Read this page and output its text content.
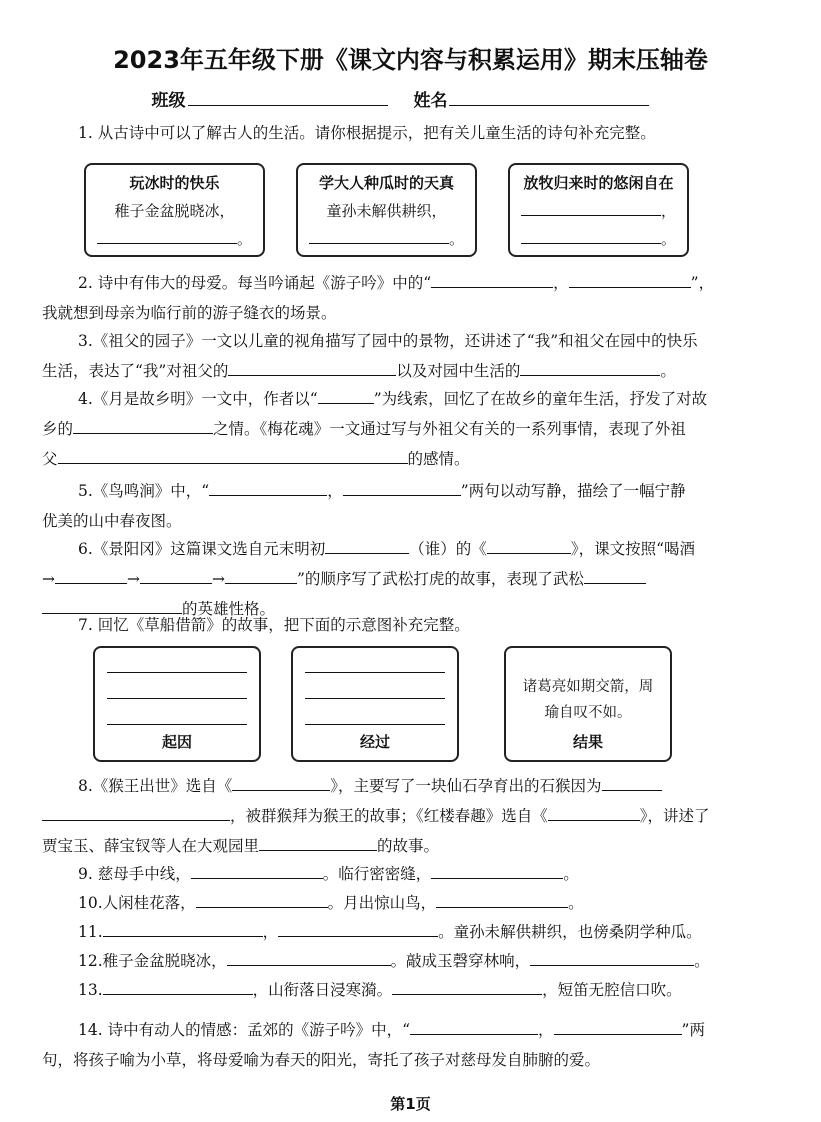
2023年五年级下册《课文内容与积累运用》期末压轴卷
班级	姓名
1. 从古诗中可以了解古人的生活。请你根据提示，把有关儿童生活的诗句补充完整。
玩冰时的快乐
稚子金盆脱晓冰，
。
学大人种瓜时的天真
童孙未解供耕织，
。
放牧归来时的悠闲自在
，
。
2. 诗中有伟大的母爱。每当吟诵起《游子吟》中的“	，	”，
我就想到母亲为临行前的游子缝衣的场景。
3.《祖父的园子》一文以儿童的视角描写了园中的景物，还讲述了“我”和祖父在园中的快乐
生活，表达了“我”对祖父的	以及对园中生活的	。
4.《月是故乡明》一文中，作者以“	”为线索，回忆了在故乡的童年生活，抒发了对故
乡的	之情。《梅花魂》一文通过写与外祖父有关的一系列事情，表现了外祖
父	的感情。
5.《鸟鸣涧》中，“	，	”两句以动写静，描绘了一幅宁静
优美的山中春夜图。
6.《景阳冈》这篇课文选自元末明初	（谁）的《	》，课文按照“喝酒
→	→	→	”的顺序写了武松打虎的故事，表现了武松
的英雄性格。
7. 回忆《草船借箭》的故事，把下面的示意图补充完整。
起因	经过
诸葛亮如期交箭，周瑜自叹不如。
结果
8.《猴王出世》选自《	》，主要写了一块仙石孕育出的石猴因为
，被群猴拜为猴王的故事；《红楼春趣》选自《	》，讲述了
贾宝玉、薛宝钗等人在大观园里	的故事。
9. 慈母手中线，	。临行密密缝，	。
10.人闲桂花落，	。月出惊山鸟，	。
11.	，	。童孙未解供耕织，也傍桑阴学种瓜。
12.稚子金盆脱晓冰，	。敲成玉磬穿林响，	。
13.	，山衔落日浸寒漪。	，短笛无腔信口吹。
14. 诗中有动人的情感：孟郊的《游子吟》中，“	，	”两
句，将孩子喻为小草，将母爱喻为春天的阳光，寄托了孩子对慈母发自肺腑的爱。
第1页
